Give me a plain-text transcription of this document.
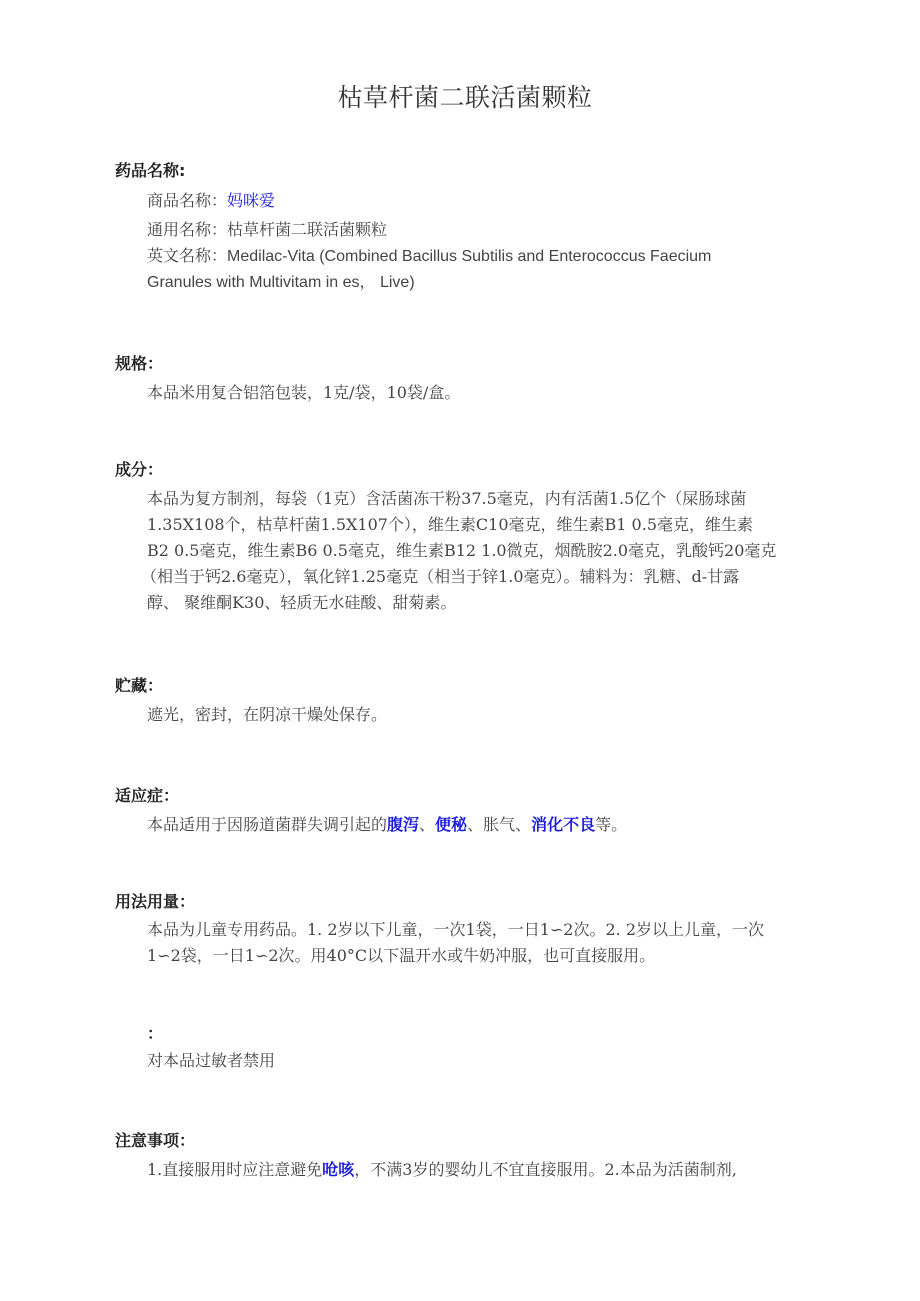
枯草杆菌二联活菌颗粒
药品名称:
商品名称：妈咪爱
通用名称：枯草杆菌二联活菌颗粒
英文名称：Medilac-Vita (Combined Bacillus Subtilis and Enterococcus Faecium
Granules with Multivitam in es， Live)
规格：
本品米用复合铝箔包装，1克/袋，10袋/盒。
成分：
本品为复方制剂，每袋（1克）含活菌冻干粉37.5毫克，内有活菌1.5亿个（屎肠球菌
1.35X108个，枯草杆菌1.5X107个），维生素C10毫克，维生素B1 0.5毫克，维生素
B2 0.5毫克，维生素B6 0.5毫克，维生素B12 1.0微克，烟酰胺2.0毫克，乳酸钙20毫克
（相当于钙2.6毫克），氧化锌1.25毫克（相当于锌1.0毫克）。辅料为：乳糖、d-甘露
醇、 聚维酮K30、轻质无水硅酸、甜菊素。
贮藏：
遮光，密封，在阴凉干燥处保存。
适应症：
本品适用于因肠道菌群失调引起的腹泻、便秘、胀气、消化不良等。
用法用量：
本品为儿童专用药品。1. 2岁以下儿童，一次1袋，一日1∽2次。2. 2岁以上儿童，一次
1∽2袋，一日1∽2次。用40°C以下温开水或牛奶冲服，也可直接服用。
：
对本品过敏者禁用
注意事项：
1.直接服用时应注意避免呛咳，不满3岁的婴幼儿不宜直接服用。2.本品为活菌制剂,
